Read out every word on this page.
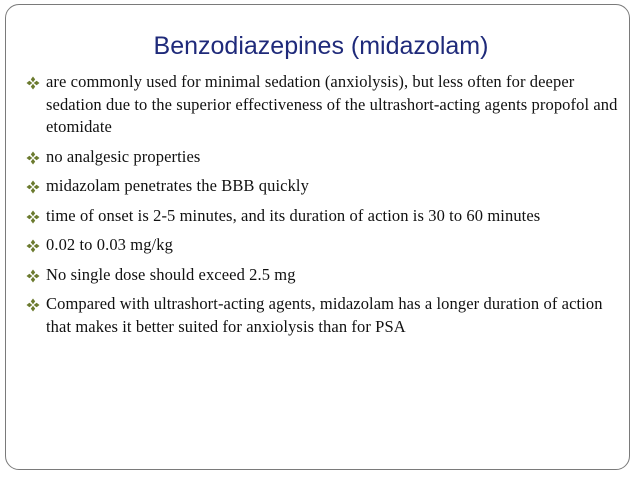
Benzodiazepines (midazolam)
are commonly used for minimal sedation (anxiolysis), but less often for deeper sedation due to the superior effectiveness of the ultrashort-acting agents propofol and etomidate
no analgesic properties
midazolam penetrates the BBB quickly
time of onset is 2-5 minutes, and its duration of action is 30 to 60 minutes
0.02 to 0.03 mg/kg
No single dose should exceed 2.5 mg
Compared with ultrashort-acting agents, midazolam has a longer duration of action that makes it better suited for anxiolysis than for PSA
